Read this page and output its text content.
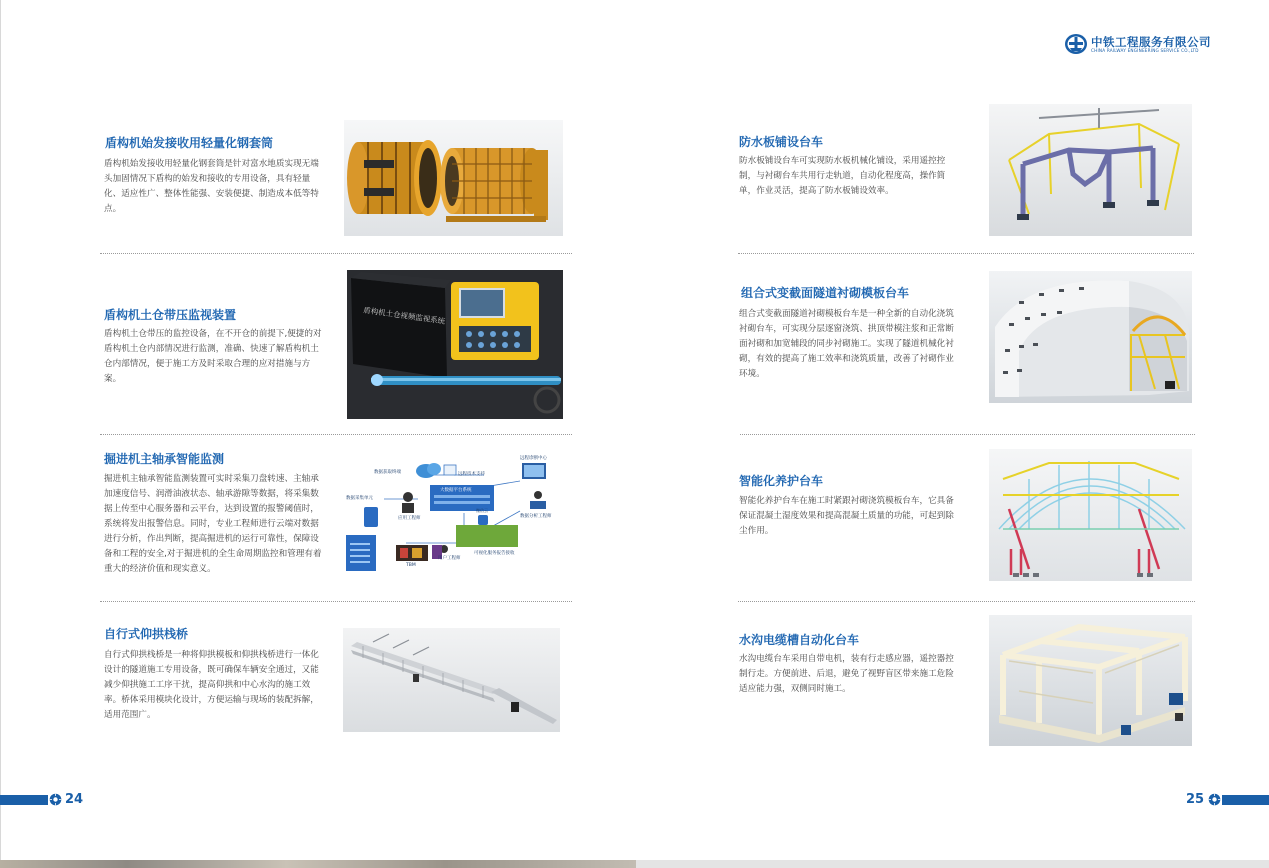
中铁工程服务有限公司
CHINA RAILWAY ENGINEERING SERVICE CO.,LTD
盾构机始发接收用轻量化钢套筒
盾构机始发接收用轻量化钢套筒是针对富水地质实现无端头加固情况下盾构的始发和接收的专用设备，具有轻量化、适应性广、整体性能强、安装便捷、制造成本低等特点。
盾构机土仓带压监视装置
盾构机土仓带压的监控设备，在不开仓的前提下,便捷的对盾构机土仓内部情况进行监测，准确、快速了解盾构机土仓内部情况，便于施工方及时采取合理的应对措施与方案。
盾构机土仓视频监视系统
掘进机主轴承智能监测
掘进机主轴承智能监测装置可实时采集刀盘转速、主轴承加速度信号、润滑油液状态、轴承游隙等数据，将采集数据上传至中心服务器和云平台，达到设置的报警阈值时，系统将发出报警信息。同时，专业工程师进行云端对数据进行分析，作出判断，提高掘进机的运行可靠性，保障设备和工程的安全,对于掘进机的全生命周期监控和管理有着重大的经济价值和现实意义。
数据获取终端	远程技术支持
远程诊断中心
数据采集单元
大数据平台系统
应用工程师
微信云
数据分析工程师
TBM
用户工程师
可视化服务报告接收
自行式仰拱栈桥
自行式仰拱栈桥是一种将仰拱模板和仰拱栈桥进行一体化设计的隧道施工专用设备，既可确保车辆安全通过，又能减少仰拱施工工序干扰，提高仰拱和中心水沟的施工效率。桥体采用模块化设计，方便运输与现场的装配拆解，适用范围广。
24
防水板铺设台车
防水板铺设台车可实现防水板机械化铺设，采用遥控控制，与衬砌台车共用行走轨道，自动化程度高，操作简单，作业灵活，提高了防水板铺设效率。
组合式变截面隧道衬砌模板台车
组合式变截面隧道衬砌模板台车是一种全新的自动化浇筑衬砌台车，可实现分层逐窗浇筑、拱顶带模注浆和正常断面衬砌和加宽辅段的同步衬砌施工。实现了隧道机械化衬砌，有效的提高了施工效率和浇筑质量，改善了衬砌作业环境。
智能化养护台车
智能化养护台车在施工时紧跟衬砌浇筑模板台车，它具备保证混凝土湿度效果和提高混凝土质量的功能，可起到除尘作用。
水沟电缆槽自动化台车
水沟电缆台车采用自带电机，装有行走感应器，遥控器控制行走。方便前进、后退，避免了视野盲区带来施工危险适应能力强，双侧同时施工。
25
